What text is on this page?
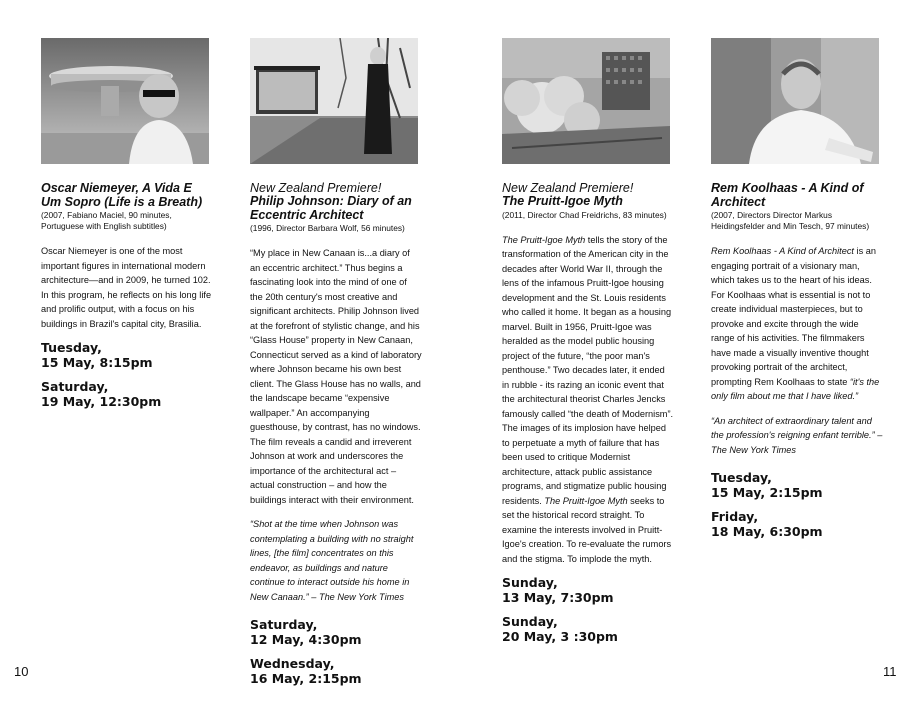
Oscar Niemeyer, A Vida E Um Sopro (Life is a Breath)

(2007, Fabiano Maciel, 90 minutes, Portuguese with English subtitles)

Oscar Niemeyer is one of the most important figures in international modern architecture—and in 2009, he turned 102. In this program, he reflects on his long life and prolific output, with a focus on his buildings in Brazil's capital city, Brasilia.

Tuesday,
15 May, 8:15pm
Saturday,
19 May, 12:30pm

New Zealand Premiere!

Philip Johnson: Diary of an Eccentric Architect

(1996, Director Barbara Wolf, 56 minutes)

“My place in New Canaan is...a diary of an eccentric architect.” Thus begins a fascinating look into the mind of one of the 20th century's most creative and significant architects. Philip Johnson lived at the forefront of stylistic change, and his “Glass House” property in New Canaan, Connecticut served as a kind of laboratory where Johnson became his own best client. The Glass House has no walls, and the landscape became “expensive wallpaper.” An accompanying guesthouse, by contrast, has no windows. The film reveals a candid and irreverent Johnson at work and underscores the importance of the architectural act – actual construction – and how the buildings interact with their environment.

“Shot at the time when Johnson was contemplating a building with no straight lines, [the film] concentrates on this endeavor, as buildings and nature continue to interact outside his home in New Canaan.” – The New York Times

Saturday,
12 May, 4:30pm
Wednesday,
16 May, 2:15pm

New Zealand Premiere!

The Pruitt-Igoe Myth

(2011, Director Chad Freidrichs, 83 minutes)

The Pruitt-Igoe Myth tells the story of the transformation of the American city in the decades after World War II, through the lens of the infamous Pruitt-Igoe housing development and the St. Louis residents who called it home. It began as a housing marvel. Built in 1956, Pruitt-Igoe was heralded as the model public housing project of the future, “the poor man's penthouse.” Two decades later, it ended in rubble - its razing an iconic event that the architectural theorist Charles Jencks famously called “the death of Modernism”. The images of its implosion have helped to perpetuate a myth of failure that has been used to critique Modernist architecture, attack public assistance programs, and stigmatize public housing residents. The Pruitt-Igoe Myth seeks to set the historical record straight. To examine the interests involved in Pruitt-Igoe's creation. To re-evaluate the rumors and the stigma. To implode the myth.

Sunday,
13 May, 7:30pm
Sunday,
20 May, 3 :30pm

Rem Koolhaas - A Kind of Architect

(2007, Directors Director Markus Heidingsfelder and Min Tesch, 97 minutes)

Rem Koolhaas - A Kind of Architect is an engaging portrait of a visionary man, which takes us to the heart of his ideas. For Koolhaas what is essential is not to create individual masterpieces, but to provoke and excite through the wide range of his activities. The filmmakers have made a visually inventive thought provoking portrait of the architect, prompting Rem Koolhaas to state “it's the only film about me that I have liked.”

“An architect of extraordinary talent and the profession's reigning enfant terrible.” – The New York Times

Tuesday,
15 May, 2:15pm
Friday,
18 May, 6:30pm
10	11
